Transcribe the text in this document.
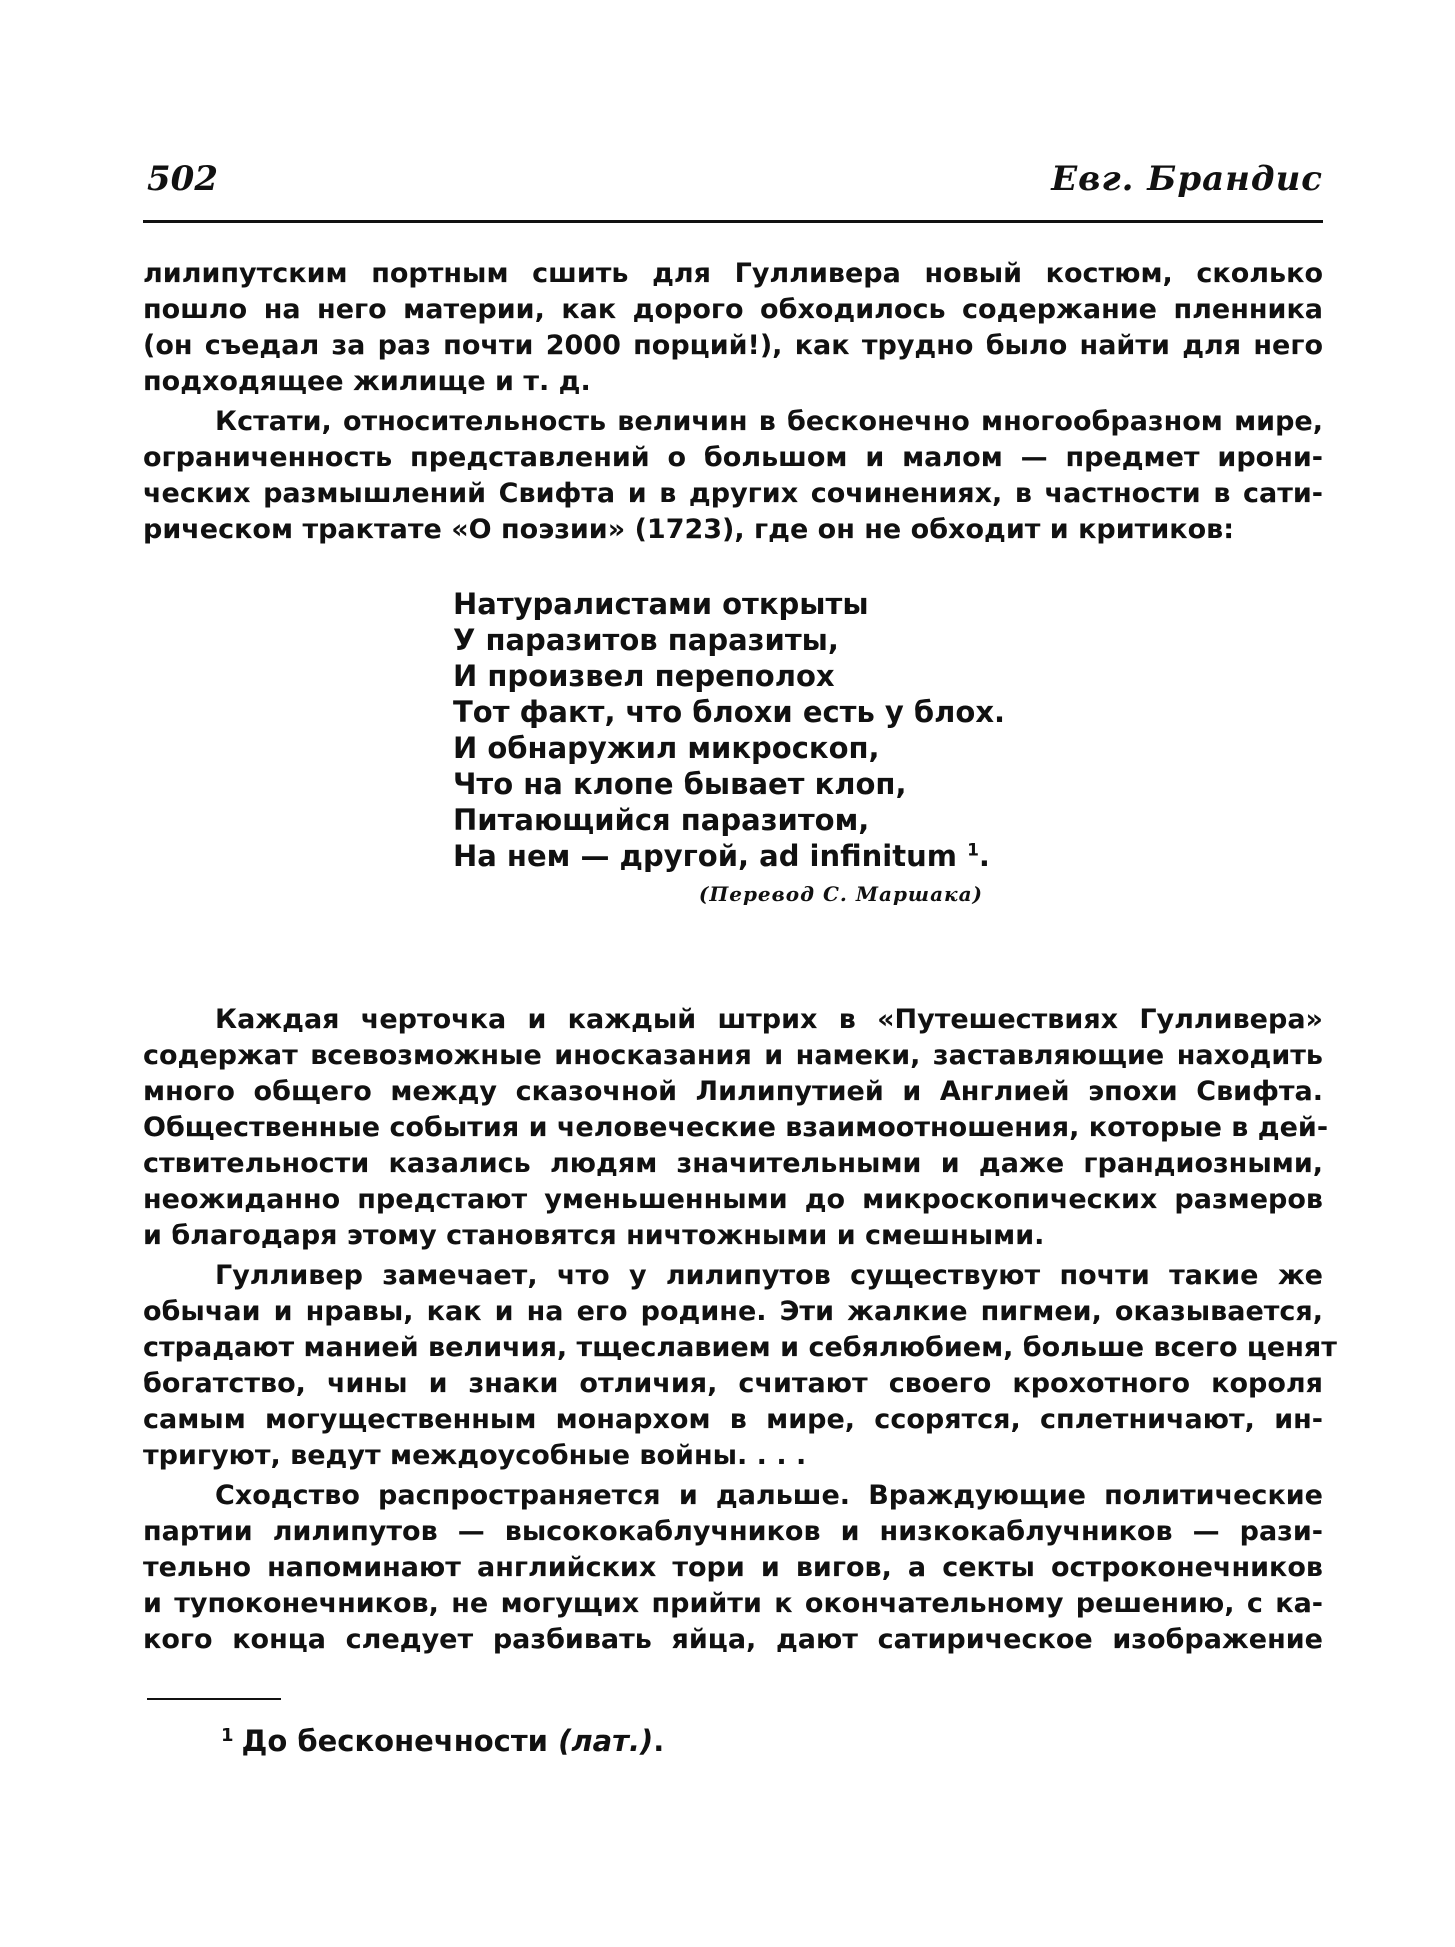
502	Евг. Брандис
лилипутским портным сшить для Гулливера новый костюм, сколько
пошло на него материи, как дорого обходилось содержание пленника
(он съедал за раз почти 2000 порций!), как трудно было найти для него
подходящее жилище и т. д.
Кстати, относительность величин в бесконечно многообразном мире,
ограниченность представлений о большом и малом — предмет ирони-
ческих размышлений Свифта и в других сочинениях, в частности в сати-
рическом трактате «О поэзии» (1723), где он не обходит и критиков:
Натуралистами открыты
У паразитов паразиты,
И произвел переполох
Тот факт, что блохи есть у блох.
И обнаружил микроскоп,
Что на клопе бывает клоп,
Питающийся паразитом,
На нем — другой, ad infinitum $^1$.
(Перевод С. Маршака)
Каждая черточка и каждый штрих в «Путешествиях Гулливера»
содержат всевозможные иносказания и намеки, заставляющие находить
много общего между сказочной Лилипутией и Англией эпохи Свифта.
Общественные события и человеческие взаимоотношения, которые в дей-
ствительности казались людям значительными и даже грандиозными,
неожиданно предстают уменьшенными до микроскопических размеров
и благодаря этому становятся ничтожными и смешными.
Гулливер замечает, что у лилипутов существуют почти такие же
обычаи и нравы, как и на его родине. Эти жалкие пигмеи, оказывается,
страдают манией величия, тщеславием и себялюбием, больше всего ценят
богатство, чины и знаки отличия, считают своего крохотного короля
самым могущественным монархом в мире, ссорятся, сплетничают, ин-
тригуют, ведут междоусобные войны. . . .
Сходство распространяется и дальше. Враждующие политические
партии лилипутов — высококаблучников и низкокаблучников — рази-
тельно напоминают английских тори и вигов, а секты остроконечников
и тупоконечников, не могущих прийти к окончательному решению, с ка-
кого конца следует разбивать яйца, дают сатирическое изображение
$^1$ До бесконечности (лат.).
